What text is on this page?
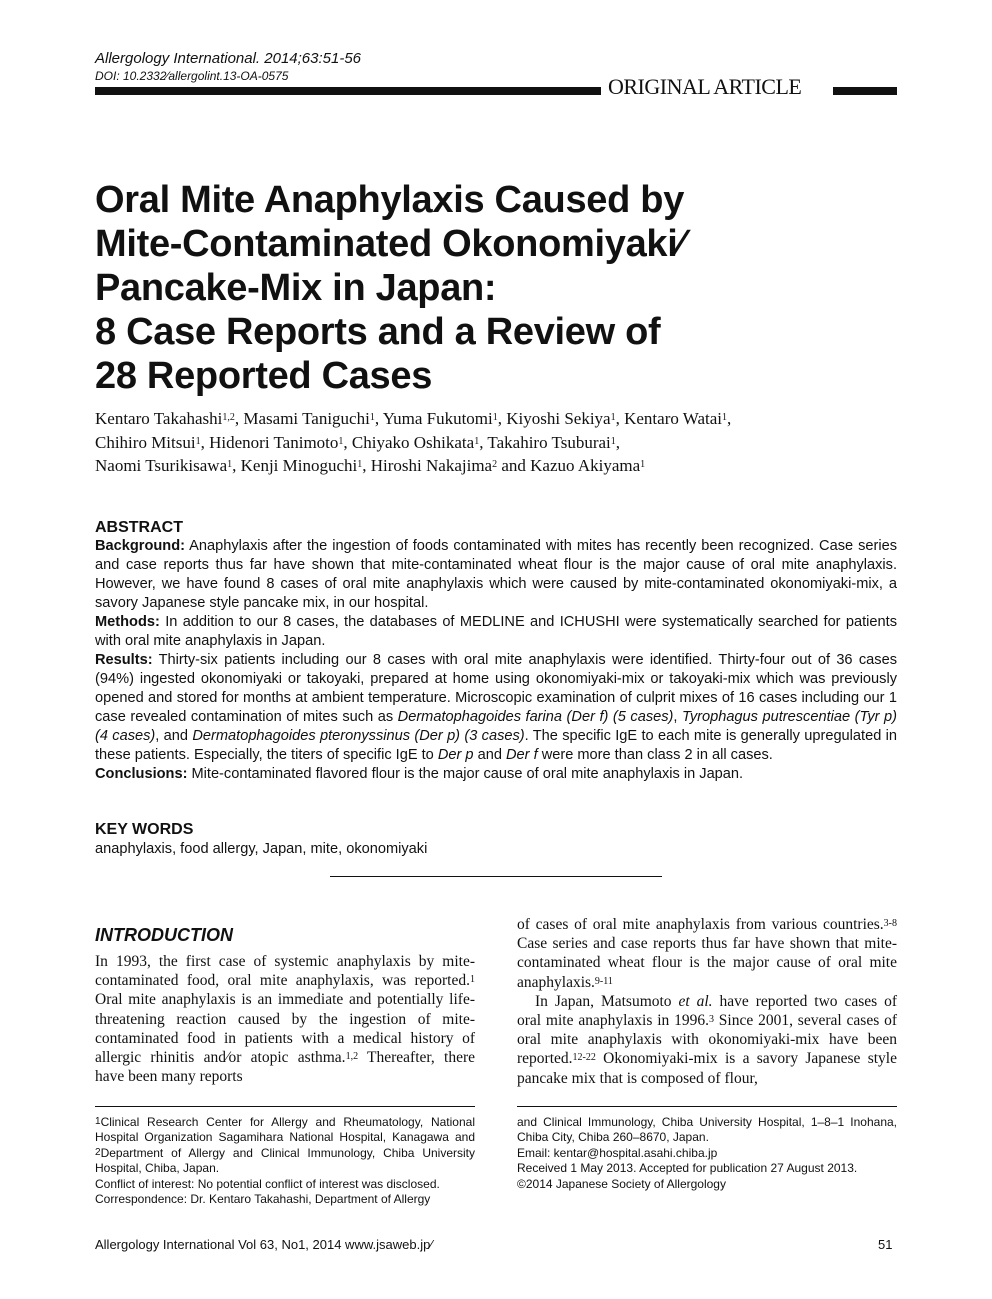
Allergology International. 2014;63:51-56
DOI: 10.2332⁄allergolint.13-OA-0575	ORIGINAL ARTICLE
Oral Mite Anaphylaxis Caused by
Mite-Contaminated Okonomiyaki⁄
Pancake-Mix in Japan:
8 Case Reports and a Review of
28 Reported Cases
Kentaro Takahashi$^{1,2}$, Masami Taniguchi$^1$, Yuma Fukutomi$^1$, Kiyoshi Sekiya$^1$, Kentaro Watai$^1$,
Chihiro Mitsui$^1$, Hidenori Tanimoto$^1$, Chiyako Oshikata$^1$, Takahiro Tsuburai$^1$,
Naomi Tsurikisawa$^1$, Kenji Minoguchi$^1$, Hiroshi Nakajima$^2$ and Kazuo Akiyama$^1$
ABSTRACT

Background: Anaphylaxis after the ingestion of foods contaminated with mites has recently been recognized. Case series and case reports thus far have shown that mite-contaminated wheat flour is the major cause of oral mite anaphylaxis. However, we have found 8 cases of oral mite anaphylaxis which were caused by mite-contaminated okonomiyaki-mix, a savory Japanese style pancake mix, in our hospital.

Methods: In addition to our 8 cases, the databases of MEDLINE and ICHUSHI were systematically searched for patients with oral mite anaphylaxis in Japan.

Results: Thirty-six patients including our 8 cases with oral mite anaphylaxis were identified. Thirty-four out of 36 cases (94%) ingested okonomiyaki or takoyaki, prepared at home using okonomiyaki-mix or takoyaki-mix which was previously opened and stored for months at ambient temperature. Microscopic examination of culprit mixes of 16 cases including our 1 case revealed contamination of mites such as Dermatophagoides farina (Der f) (5 cases), Tyrophagus putrescentiae (Tyr p) (4 cases), and Dermatophagoides pteronyssinus (Der p) (3 cases). The specific IgE to each mite is generally upregulated in these patients. Especially, the titers of specific IgE to Der p and Der f were more than class 2 in all cases.

Conclusions: Mite-contaminated flavored flour is the major cause of oral mite anaphylaxis in Japan.

KEY WORDS
anaphylaxis, food allergy, Japan, mite, okonomiyaki
INTRODUCTION

In 1993, the first case of systemic anaphylaxis by mite-contaminated food, oral mite anaphylaxis, was reported.$^1$ Oral mite anaphylaxis is an immediate and potentially life-threatening reaction caused by the ingestion of mite-contaminated food in patients with a medical history of allergic rhinitis and⁄or atopic asthma.$^{1,2}$ Thereafter, there have been many reports

of cases of oral mite anaphylaxis from various countries.$^{3-8}$ Case series and case reports thus far have shown that mite-contaminated wheat flour is the major cause of oral mite anaphylaxis.$^{9-11}$

In Japan, Matsumoto et al. have reported two cases of oral mite anaphylaxis in 1996.$^3$ Since 2001, several cases of oral mite anaphylaxis with okonomiyaki-mix have been reported.$^{12-22}$ Okonomiyaki-mix is a savory Japanese style pancake mix that is composed of flour,

$^1$Clinical Research Center for Allergy and Rheumatology, National Hospital Organization Sagamihara National Hospital, Kanagawa and $^2$Department of Allergy and Clinical Immunology, Chiba University Hospital, Chiba, Japan.

Conflict of interest: No potential conflict of interest was disclosed.

Correspondence: Dr. Kentaro Takahashi, Department of Allergy

and Clinical Immunology, Chiba University Hospital, 1–8–1 Inohana, Chiba City, Chiba 260–8670, Japan.

Email: kentar@hospital.asahi.chiba.jp

Received 1 May 2013. Accepted for publication 27 August 2013.

©2014 Japanese Society of Allergology

Allergology International Vol 63, No1, 2014 www.jsaweb.jp⁄	51
